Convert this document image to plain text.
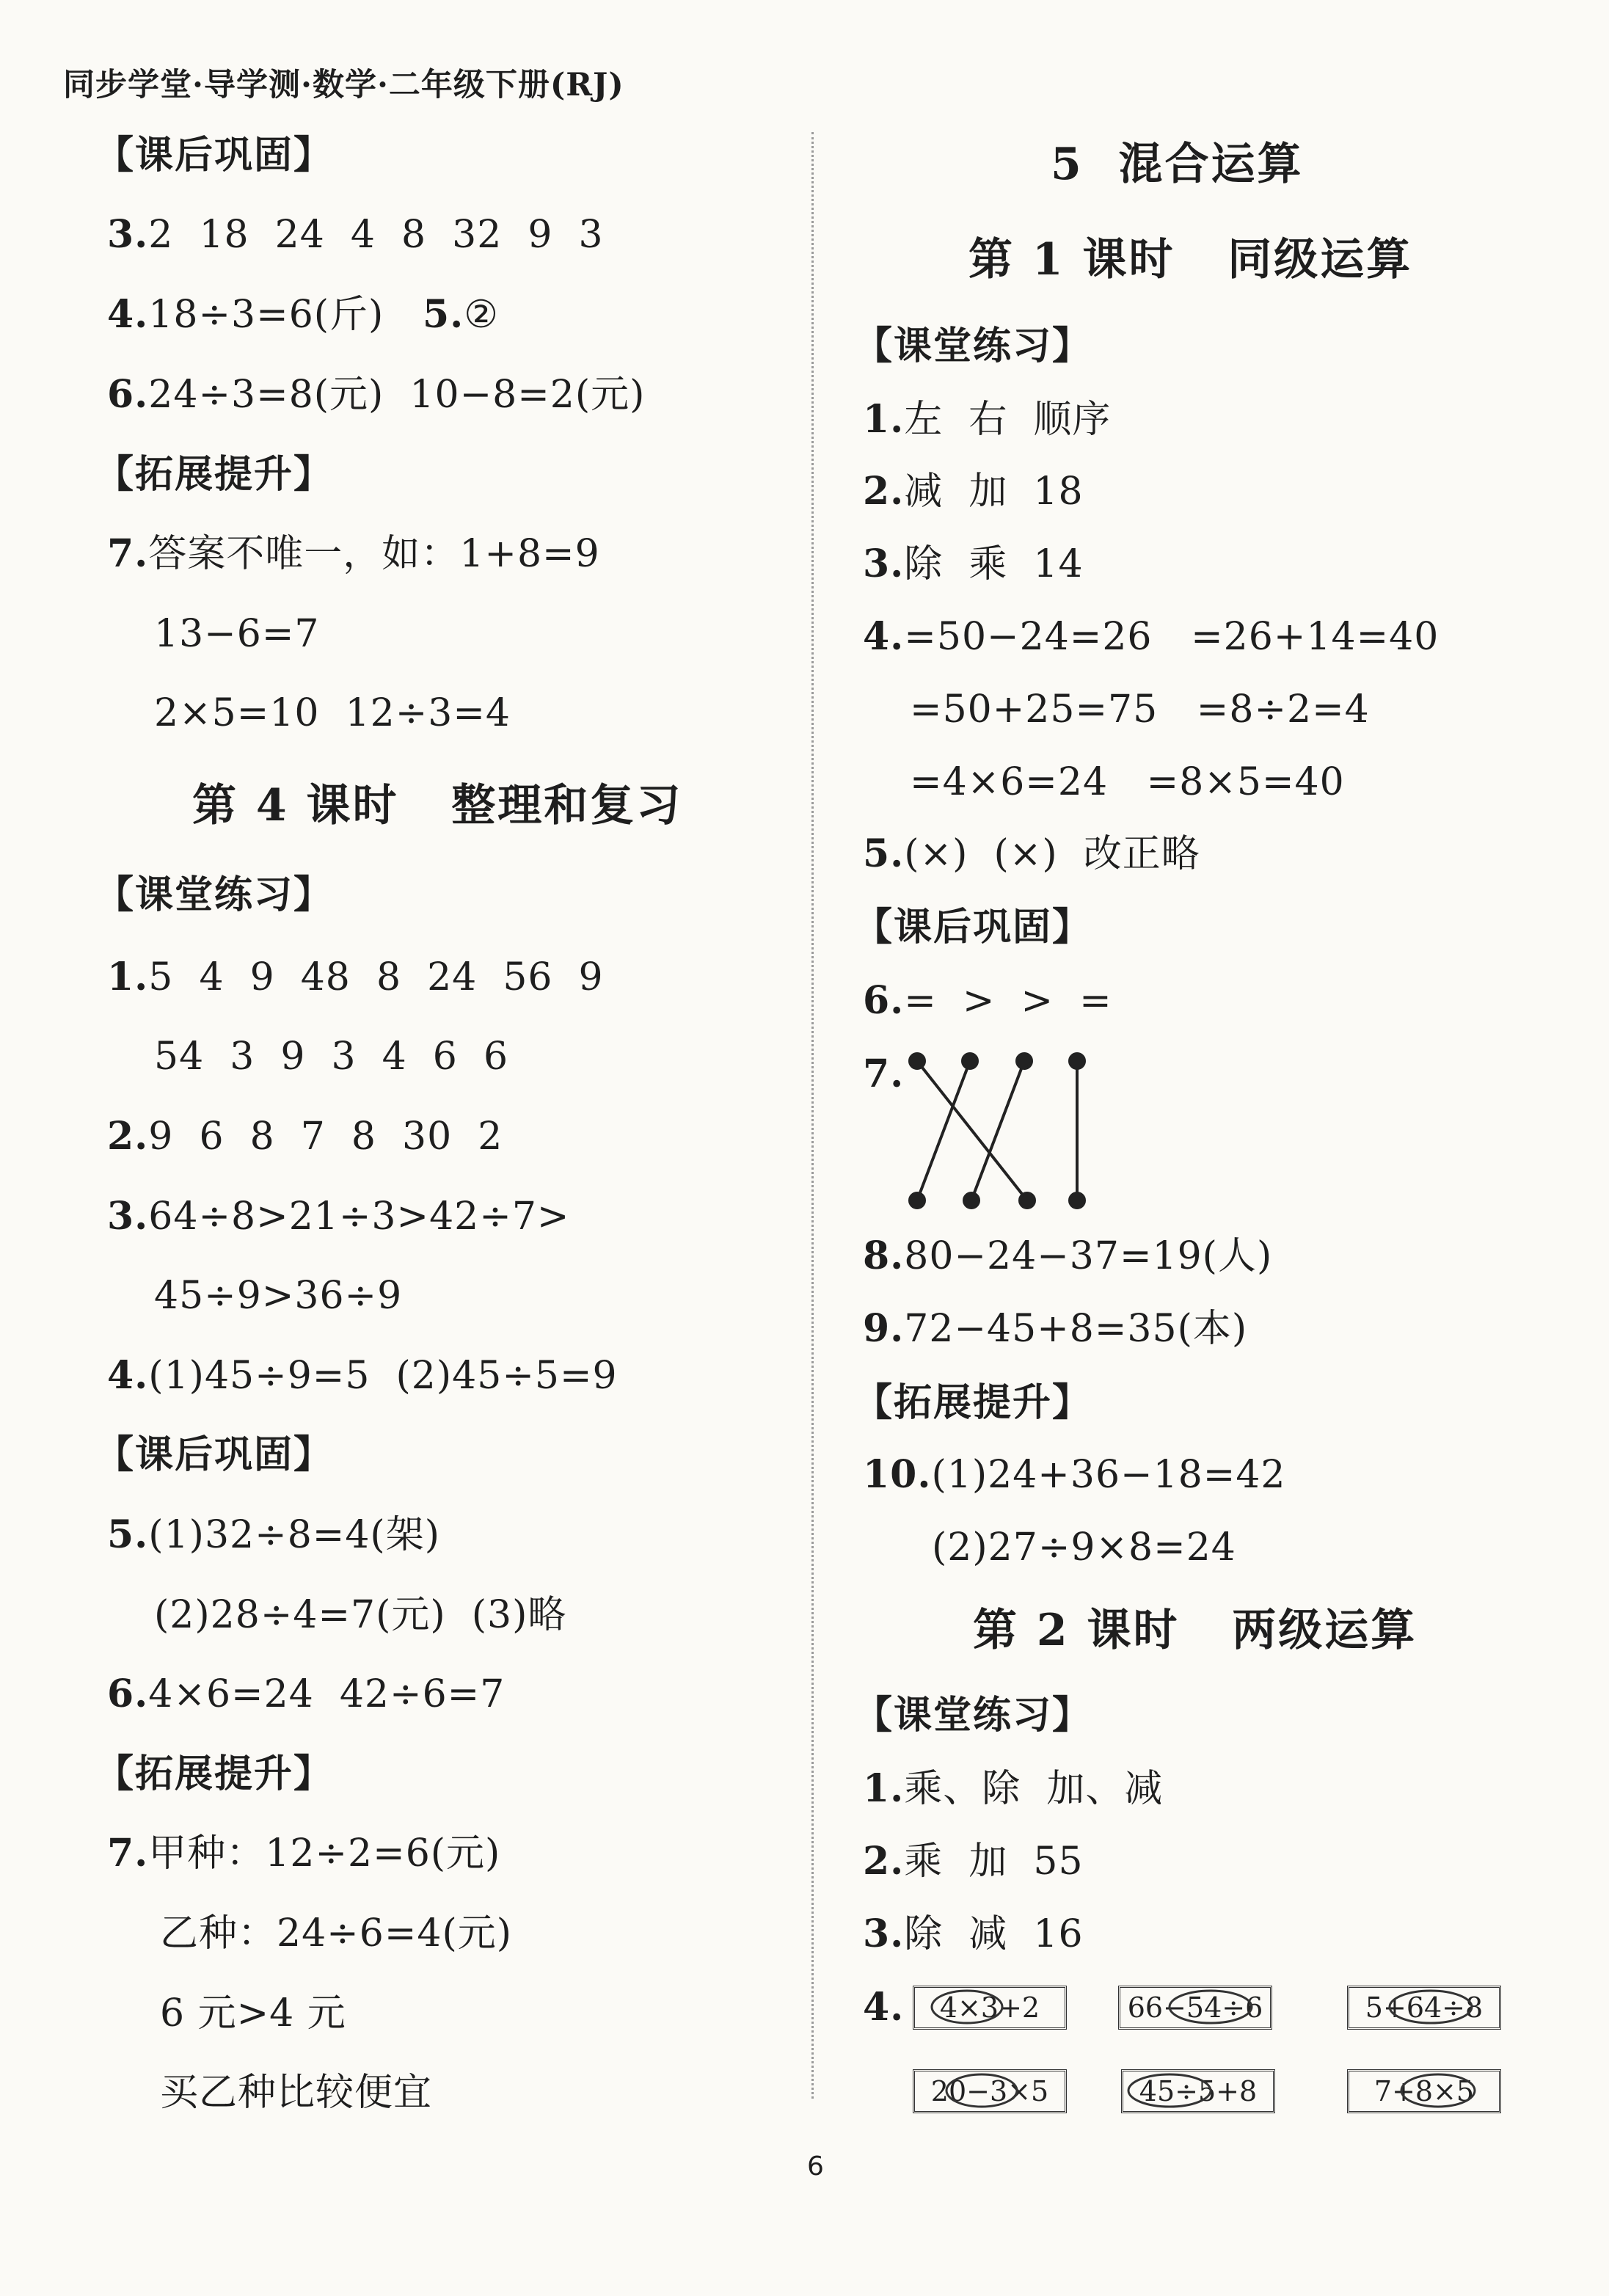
同步学堂·导学测·数学·二年级下册(RJ)
【课后巩固】
3.2  18  24  4  8  32  9  3
4.18÷3=6(斤) 5.②
6.24÷3=8(元)  10−8=2(元)
【拓展提升】
7.答案不唯一，如：1+8=9
13−6=7
2×5=10  12÷3=4
第 4 课时   整理和复习
【课堂练习】
1.5  4  9  48  8  24  56  9
54  3  9  3  4  6  6
2.9  6  8  7  8  30  2
3.64÷8>21÷3>42÷7>
45÷9>36÷9
4.(1)45÷9=5  (2)45÷5=9
【课后巩固】
5.(1)32÷8=4(架)
(2)28÷4=7(元)  (3)略
6.4×6=24  42÷6=7
【拓展提升】
7.甲种：12÷2=6(元)
乙种：24÷6=4(元)
6 元>4 元
买乙种比较便宜
5  混合运算
第 1 课时   同级运算
【课堂练习】
1.左  右  顺序
2.减  加  18
3.除  乘  14
4.=50−24=26   =26+14=40
=50+25=75   =8÷2=4
=4×6=24   =8×5=40
5.(×)  (×)  改正略
【课后巩固】
6.=  >  >  =
7.
8.80−24−37=19(人)
9.72−45+8=35(本)
【拓展提升】
10.(1)24+36−18=42
(2)27÷9×8=24
第 2 课时   两级运算
【课堂练习】
1.乘、除  加、减
2.乘  加  55
3.除  减  16
4.	4×3+2	66−54÷6	5+64÷8
20−3×5	45÷5+8	7+8×5
6
